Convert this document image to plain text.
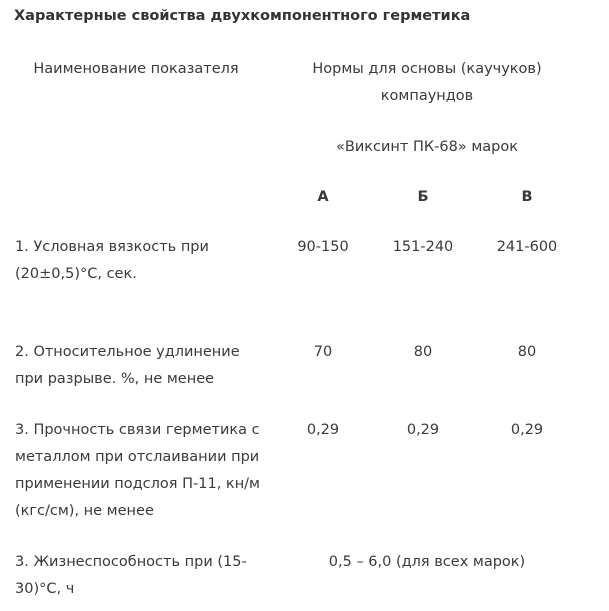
Характерные свойства двухкомпонентного герметика
Наименование показателя	Нормы для основы (каучуков) компаундов			
	«Виксинт ПК-68» марок			
	А	Б	В	
1. Условная вязкость при (20±0,5)°С, сек.	90-150	151-240	241-600	
2. Относительное удлинение при разрыве. %, не менее	70	80	80	
3. Прочность связи герметика с металлом при отслаивании при применении подслоя П-11, кн/м (кгс/см), не менее	0,29	0,29	0,29	
3. Жизнеспособность при (15-30)°С, ч	0,5 – 6,0 (для всех марок)			
